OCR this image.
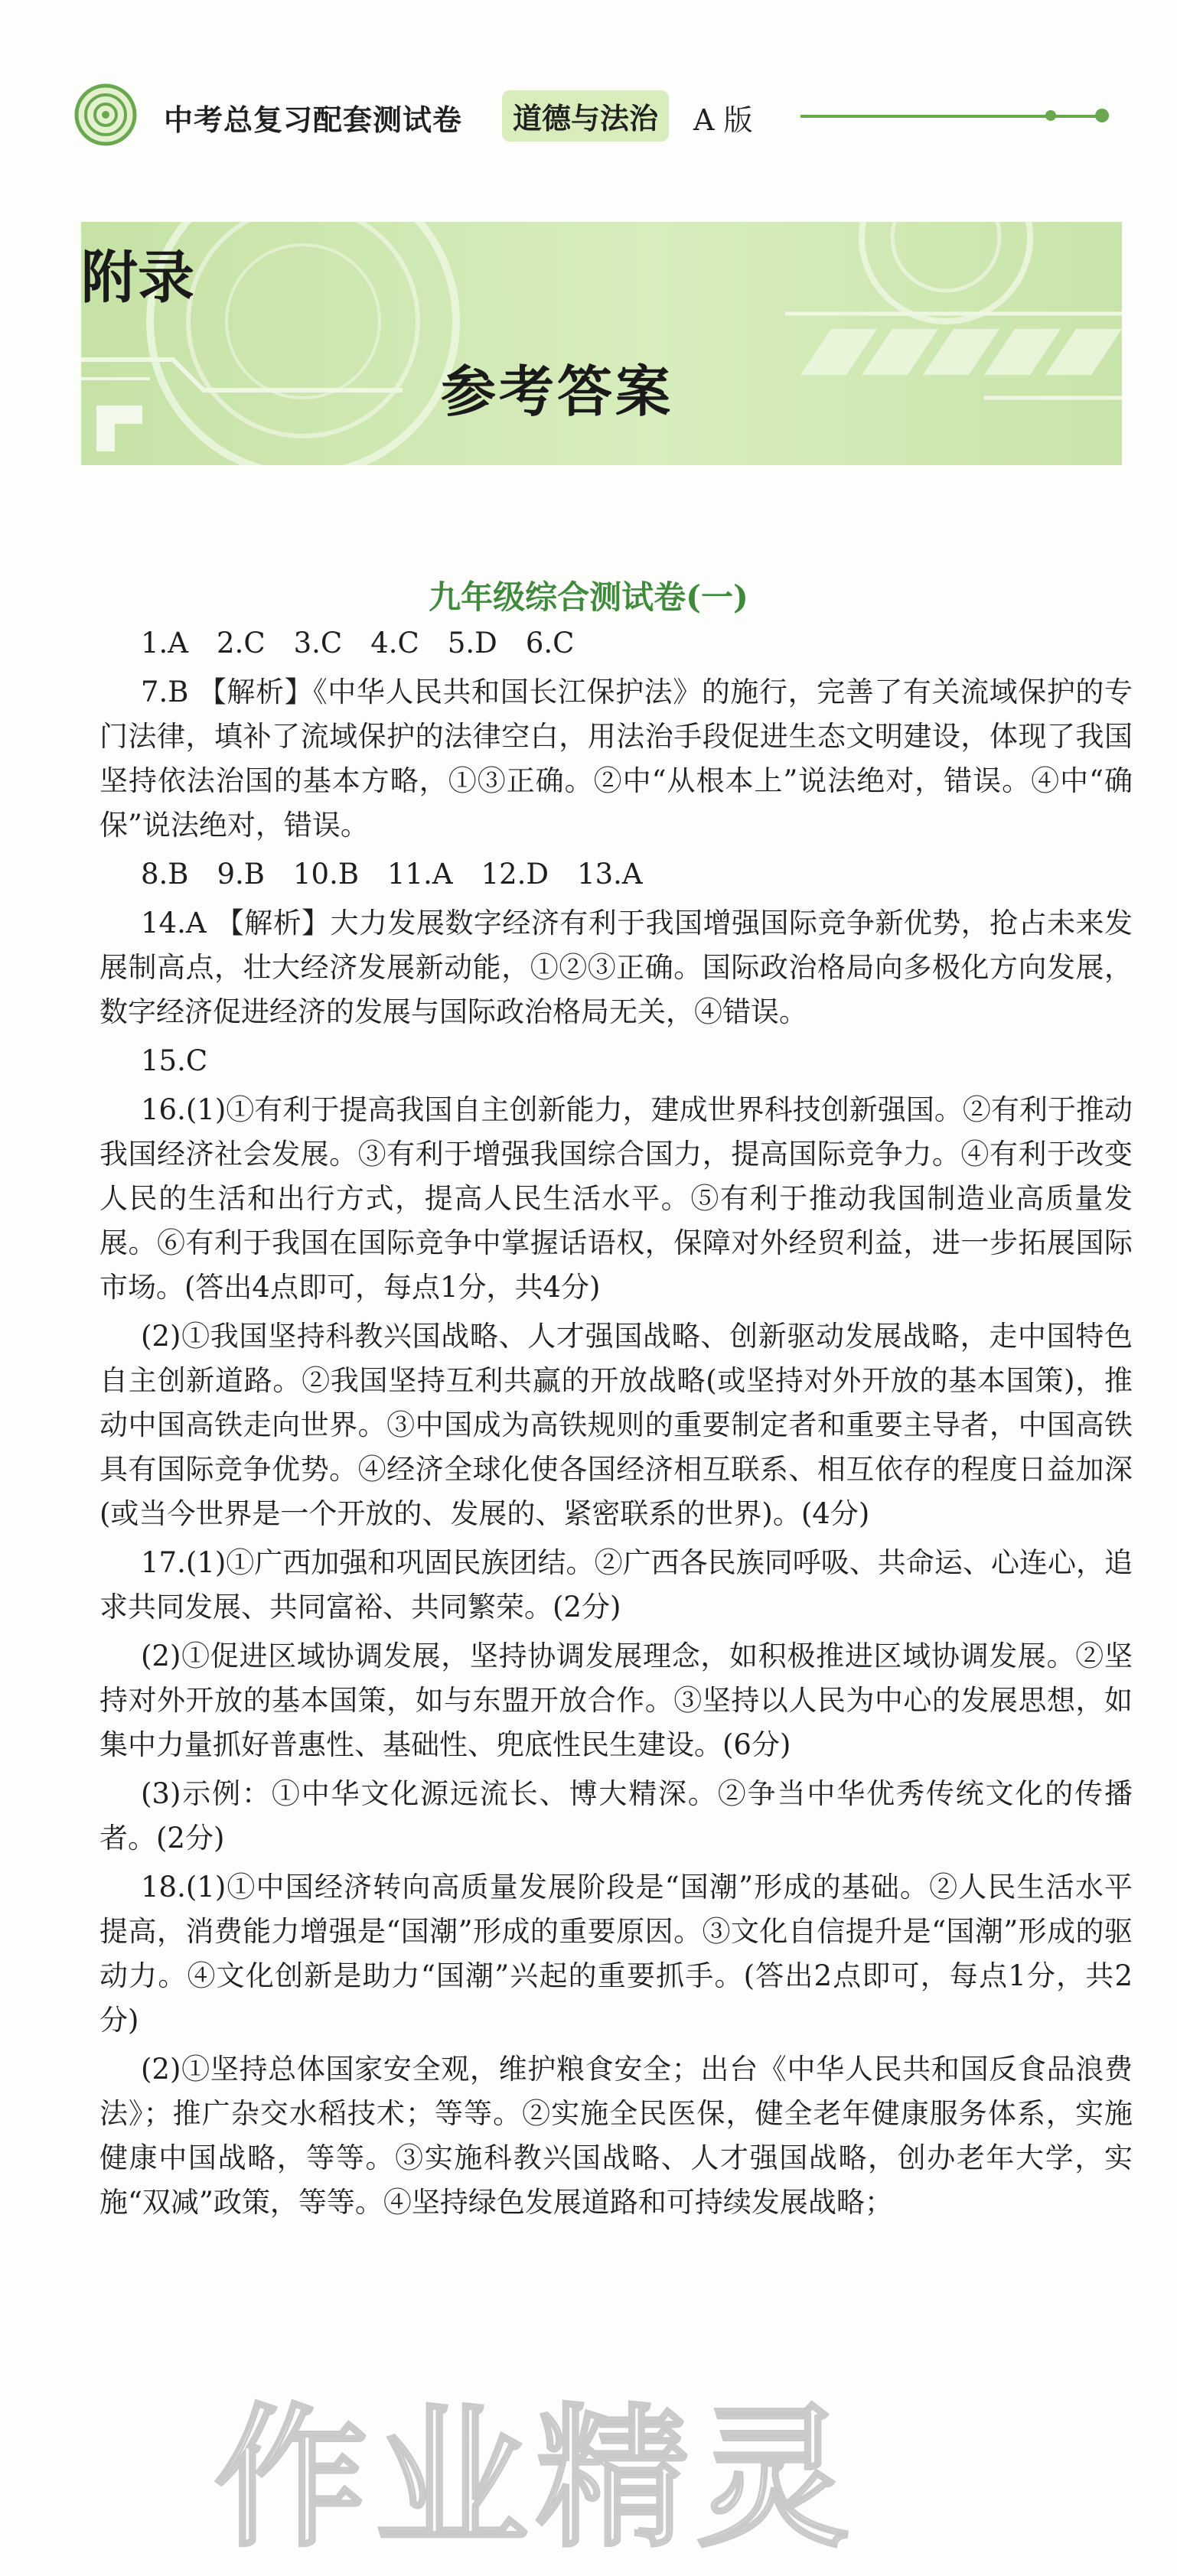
中考总复习配套测试卷	道德与法治	A 版
附录
参考答案
九年级综合测试卷(一)

1.A　2.C　3.C　4.C　5.D　6.C

7.B 【解析】《中华人民共和国长江保护法》的施行，完善了有关流域保护的专门法律，填补了流域保护的法律空白，用法治手段促进生态文明建设，体现了我国坚持依法治国的基本方略，①③正确。②中“从根本上”说法绝对，错误。④中“确保”说法绝对，错误。

8.B　9.B　10.B　11.A　12.D　13.A

14.A 【解析】大力发展数字经济有利于我国增强国际竞争新优势，抢占未来发展制高点，壮大经济发展新动能，①②③正确。国际政治格局向多极化方向发展，数字经济促进经济的发展与国际政治格局无关，④错误。

15.C

16.(1)①有利于提高我国自主创新能力，建成世界科技创新强国。②有利于推动我国经济社会发展。③有利于增强我国综合国力，提高国际竞争力。④有利于改变人民的生活和出行方式，提高人民生活水平。⑤有利于推动我国制造业高质量发展。⑥有利于我国在国际竞争中掌握话语权，保障对外经贸利益，进一步拓展国际市场。(答出4点即可，每点1分，共4分)

(2)①我国坚持科教兴国战略、人才强国战略、创新驱动发展战略，走中国特色自主创新道路。②我国坚持互利共赢的开放战略(或坚持对外开放的基本国策)，推动中国高铁走向世界。③中国成为高铁规则的重要制定者和重要主导者，中国高铁具有国际竞争优势。④经济全球化使各国经济相互联系、相互依存的程度日益加深(或当今世界是一个开放的、发展的、紧密联系的世界)。(4分)

17.(1)①广西加强和巩固民族团结。②广西各民族同呼吸、共命运、心连心，追求共同发展、共同富裕、共同繁荣。(2分)

(2)①促进区域协调发展，坚持协调发展理念，如积极推进区域协调发展。②坚持对外开放的基本国策，如与东盟开放合作。③坚持以人民为中心的发展思想，如集中力量抓好普惠性、基础性、兜底性民生建设。(6分)

(3)示例：①中华文化源远流长、博大精深。②争当中华优秀传统文化的传播者。(2分)

18.(1)①中国经济转向高质量发展阶段是“国潮”形成的基础。②人民生活水平提高，消费能力增强是“国潮”形成的重要原因。③文化自信提升是“国潮”形成的驱动力。④文化创新是助力“国潮”兴起的重要抓手。(答出2点即可，每点1分，共2分)

(2)①坚持总体国家安全观，维护粮食安全；出台《中华人民共和国反食品浪费法》；推广杂交水稻技术；等等。②实施全民医保，健全老年健康服务体系，实施健康中国战略，等等。③实施科教兴国战略、人才强国战略，创办老年大学，实施“双减”政策，等等。④坚持绿色发展道路和可持续发展战略；

作业精灵
